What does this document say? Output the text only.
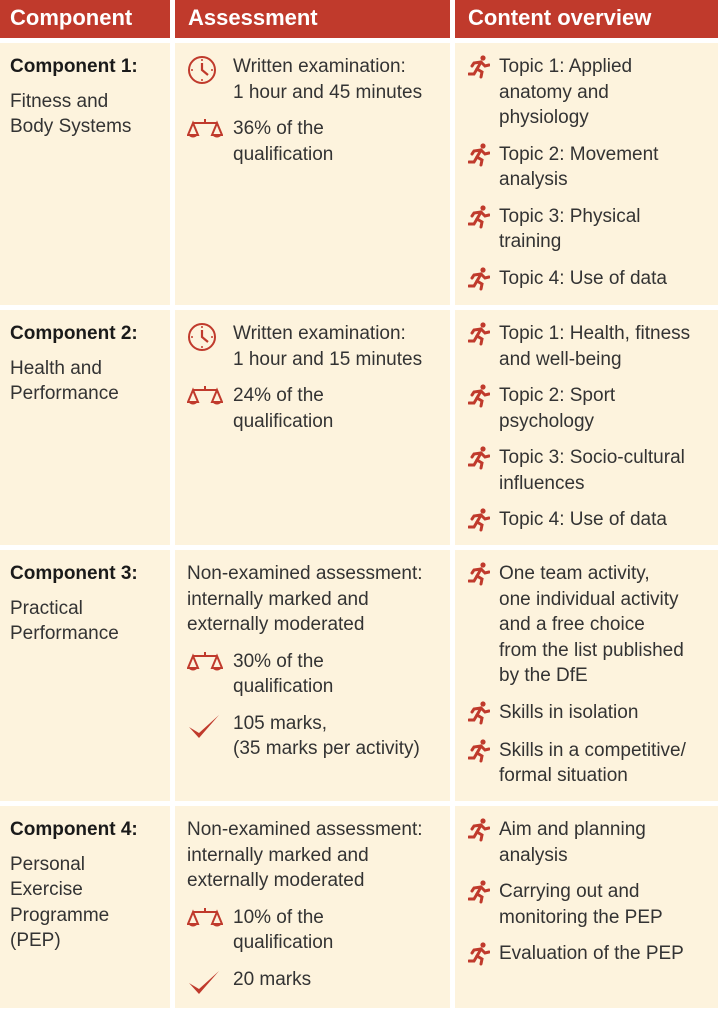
Component	Assessment	Content overview
Component 1:
Fitness and
Body Systems
Written examination:
1 hour and 45 minutes
36% of the
qualification
Topic 1: Applied
anatomy and
physiology
Topic 2: Movement
analysis
Topic 3: Physical
training
Topic 4: Use of data
Component 2:
Health and
Performance
Written examination:
1 hour and 15 minutes
24% of the
qualification
Topic 1: Health, fitness
and well-being
Topic 2: Sport
psychology
Topic 3: Socio-cultural
influences
Topic 4: Use of data
Component 3:
Practical
Performance
Non-examined assessment:
internally marked and
externally moderated
30% of the
qualification
105 marks,
(35 marks per activity)
One team activity,
one individual activity
and a free choice
from the list published
by the DfE
Skills in isolation
Skills in a competitive/
formal situation
Component 4:
Personal
Exercise
Programme
(PEP)
Non-examined assessment:
internally marked and
externally moderated
10% of the
qualification
20 marks
Aim and planning
analysis
Carrying out and
monitoring the PEP
Evaluation of the PEP
